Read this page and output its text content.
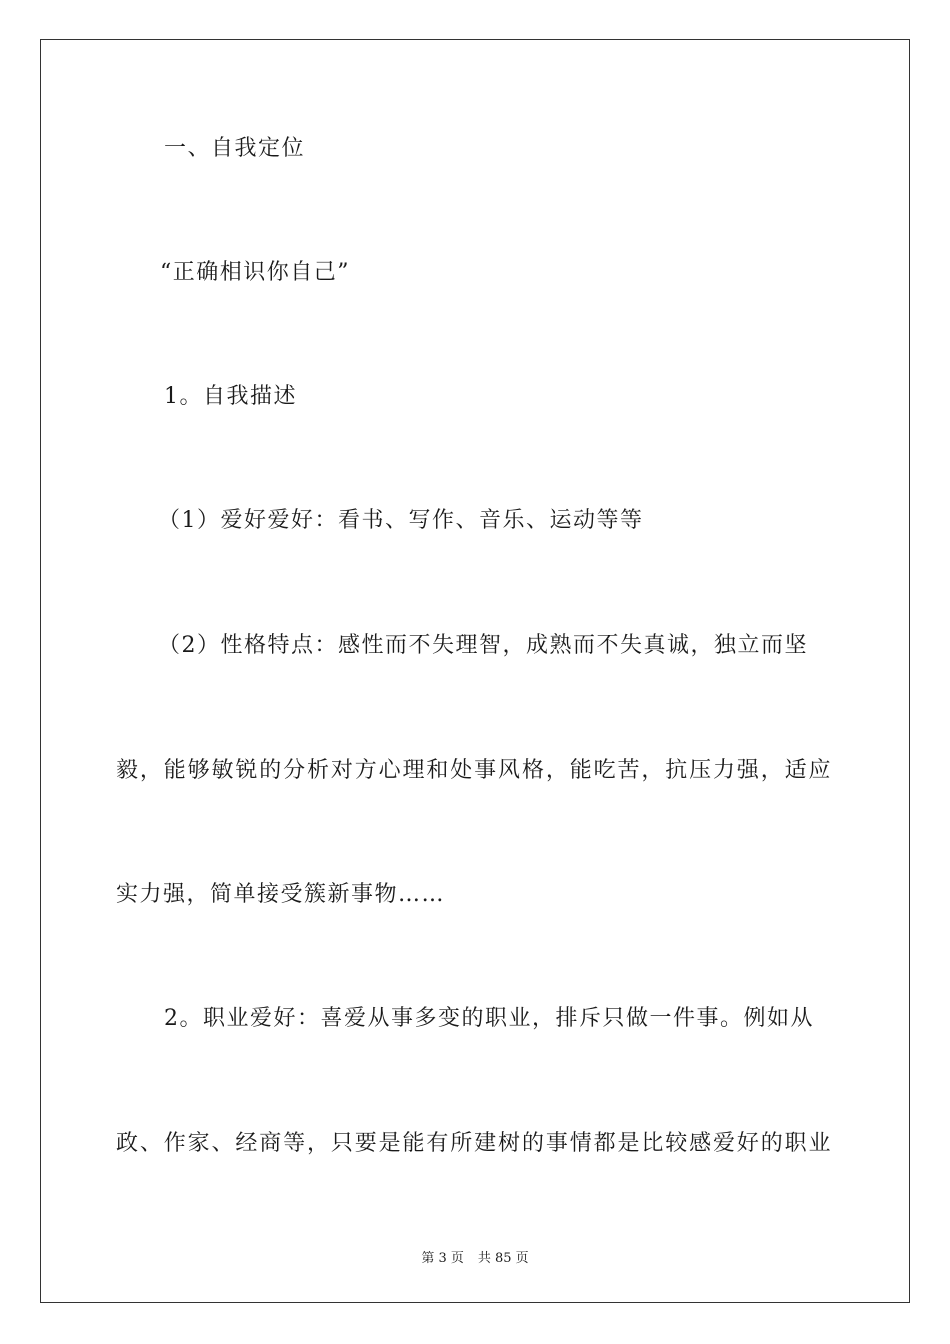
一、自我定位
“正确相识你自己”
1。自我描述
（1）爱好爱好：看书、写作、音乐、运动等等
（2）性格特点：感性而不失理智，成熟而不失真诚，独立而坚
毅，能够敏锐的分析对方心理和处事风格，能吃苦，抗压力强，适应
实力强，简单接受簇新事物……
2。职业爱好：喜爱从事多变的职业，排斥只做一件事。例如从
政、作家、经商等，只要是能有所建树的事情都是比较感爱好的职业
第 3 页 共 85 页
